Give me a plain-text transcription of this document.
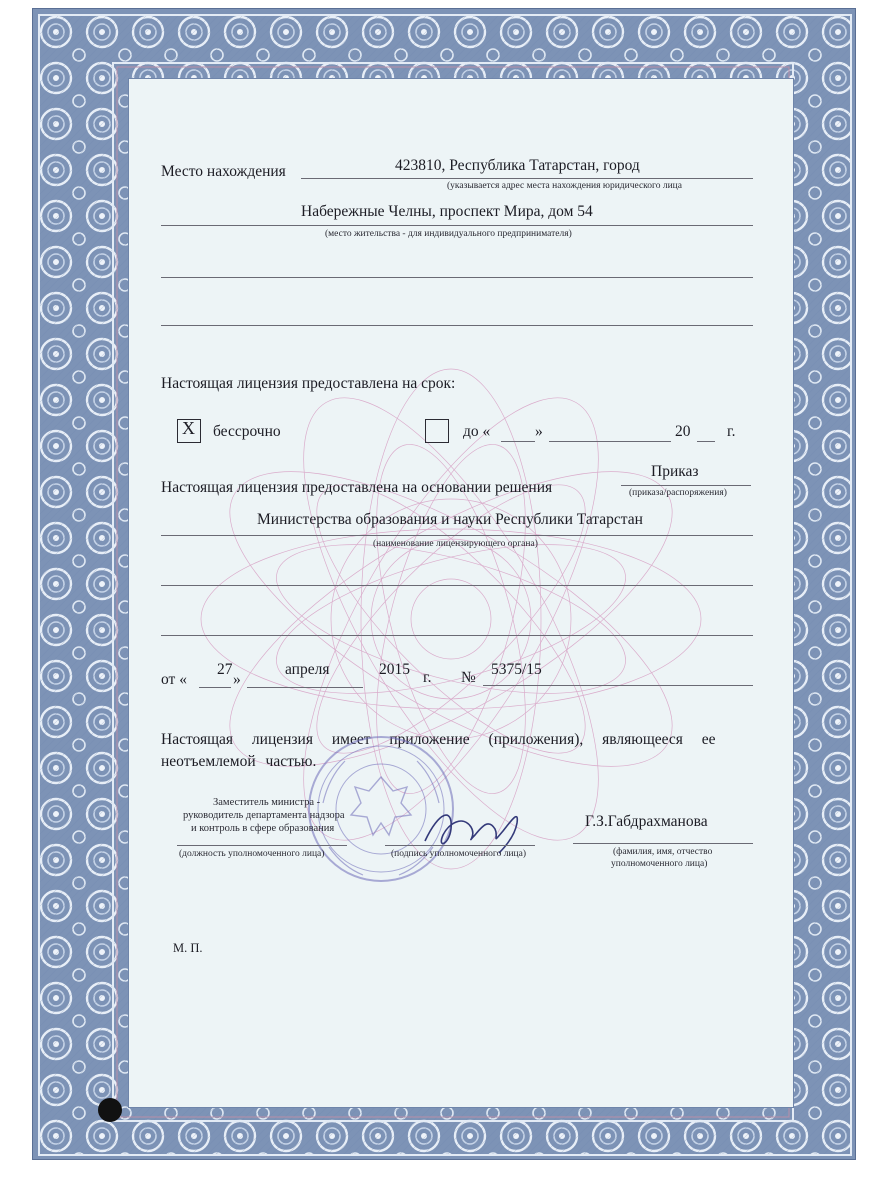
Место нахождения	423810, Республика Татарстан, город
(указывается адрес места нахождения юридического лица
Набережные Челны, проспект Мира, дом 54
(место жительства - для индивидуального предпринимателя)
Настоящая лицензия предоставлена на срок:
X бессрочно	до «	»	20 г.
Настоящая лицензия предоставлена на основании решения
Приказ
(приказа/распоряжения)
Министерства образования и науки Республики Татарстан
(наименование лицензирующего органа)
от «
27
»
апреля	2015 г. № 5375/15
Настоящая лицензия имеет приложение (приложения), являющееся ее
неотъемлемой частью.
Заместитель министра -
руководитель департамента надзора
и контроль в сфере образования
(должность уполномоченного лица)	(подпись уполномоченного лица)
Г.З.Габдрахманова
(фамилия, имя, отчество
уполномоченного лица)
М. П.
